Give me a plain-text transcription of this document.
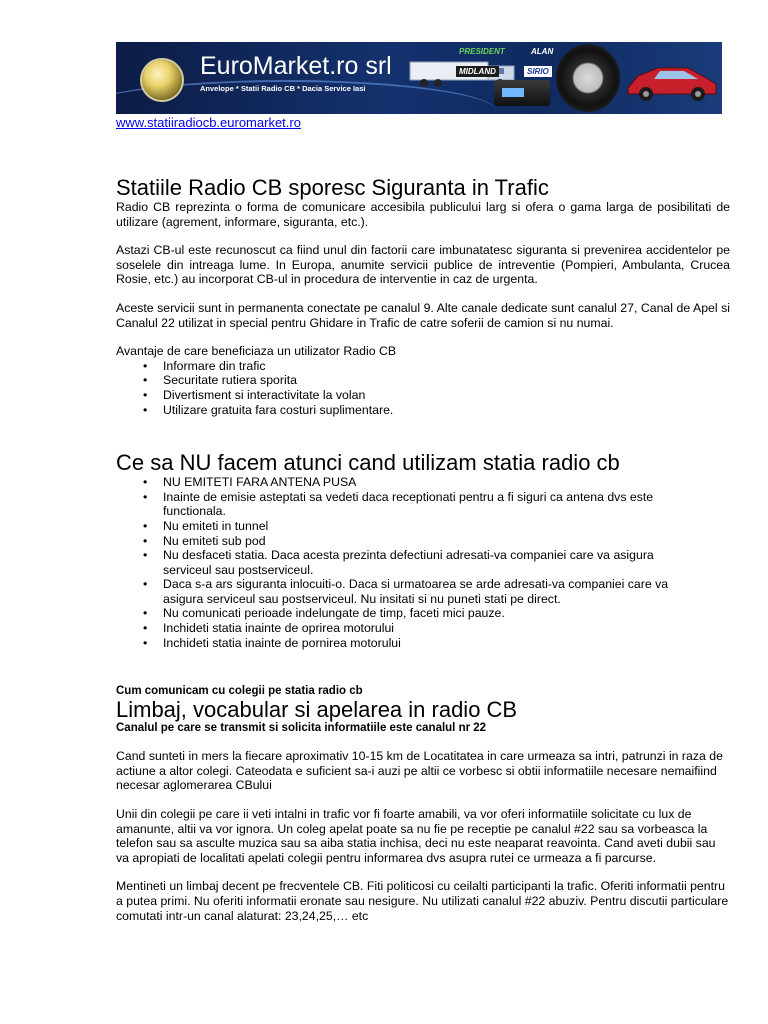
EuroMarket.ro srl
Anvelope * Statii Radio CB * Dacia Service Iasi
PRESIDENT	ALAN
MIDLAND	SIRIO
www.statiiradiocb.euromarket.ro
Statiile Radio CB sporesc Siguranta in Trafic

Radio CB reprezinta o forma de comunicare accesibila publicului larg si ofera o gama larga de posibilitati de utilizare (agrement, informare, siguranta, etc.).

Astazi CB-ul este recunoscut ca fiind unul din factorii care imbunatatesc siguranta si prevenirea accidentelor pe soselele din intreaga lume. In Europa, anumite servicii publice de intreventie (Pompieri, Ambulanta, Crucea Rosie, etc.) au incorporat CB-ul in procedura de interventie in caz de urgenta.

Aceste servicii sunt in permanenta conectate pe canalul 9. Alte canale dedicate sunt canalul 27, Canal de Apel si Canalul 22 utilizat in special pentru Ghidare in Trafic de catre soferii de camion si nu numai.

Avantaje de care beneficiaza un utilizator Radio CB

• Informare din trafic
• Securitate rutiera sporita
• Divertisment si interactivitate la volan
• Utilizare gratuita fara costuri suplimentare.
Ce sa NU facem atunci cand utilizam statia radio cb
• NU EMITETI FARA ANTENA PUSA
• Inainte de emisie asteptati sa vedeti daca receptionati pentru a fi siguri ca antena dvs este functionala.
• Nu emiteti in tunnel
• Nu emiteti sub pod
• Nu desfaceti statia. Daca acesta prezinta defectiuni adresati-va companiei care va asigura serviceul sau postserviceul.
• Daca s-a ars siguranta inlocuiti-o. Daca si urmatoarea se arde adresati-va companiei care va asigura serviceul sau postserviceul. Nu insitati si nu puneti stati pe direct.
• Nu comunicati perioade indelungate de timp, faceti mici pauze.
• Inchideti statia inainte de oprirea motorului
• Inchideti statia inainte de pornirea motorului

Cum comunicam cu colegii pe statia radio cb

Limbaj, vocabular si apelarea in radio CB

Canalul pe care se transmit si solicita informatiile este canalul nr 22

Cand sunteti in mers la fiecare aproximativ 10-15 km de Locatitatea in care urmeaza sa intri, patrunzi in raza de actiune a altor colegi. Cateodata e suficient sa-i auzi pe altii ce vorbesc si obtii informatiile necesare nemaifiind necesar aglomerarea CBului

Unii din colegii pe care ii veti intalni in trafic vor fi foarte amabili, va vor oferi informatiile solicitate cu lux de amanunte, altii va vor ignora. Un coleg apelat poate sa nu fie pe receptie pe canalul #22 sau sa vorbeasca la telefon sau sa asculte muzica sau sa aiba statia inchisa, deci nu este neaparat reavointa. Cand aveti dubii sau va apropiati de localitati apelati colegii pentru informarea dvs asupra rutei ce urmeaza a fi parcurse.

Mentineti un limbaj decent pe frecventele CB. Fiti politicosi cu ceilalti participanti la trafic. Oferiti informatii pentru a putea primi. Nu oferiti informatii eronate sau nesigure. Nu utilizati canalul #22 abuziv. Pentru discutii particulare comutati intr-un canal alaturat: 23,24,25,… etc
